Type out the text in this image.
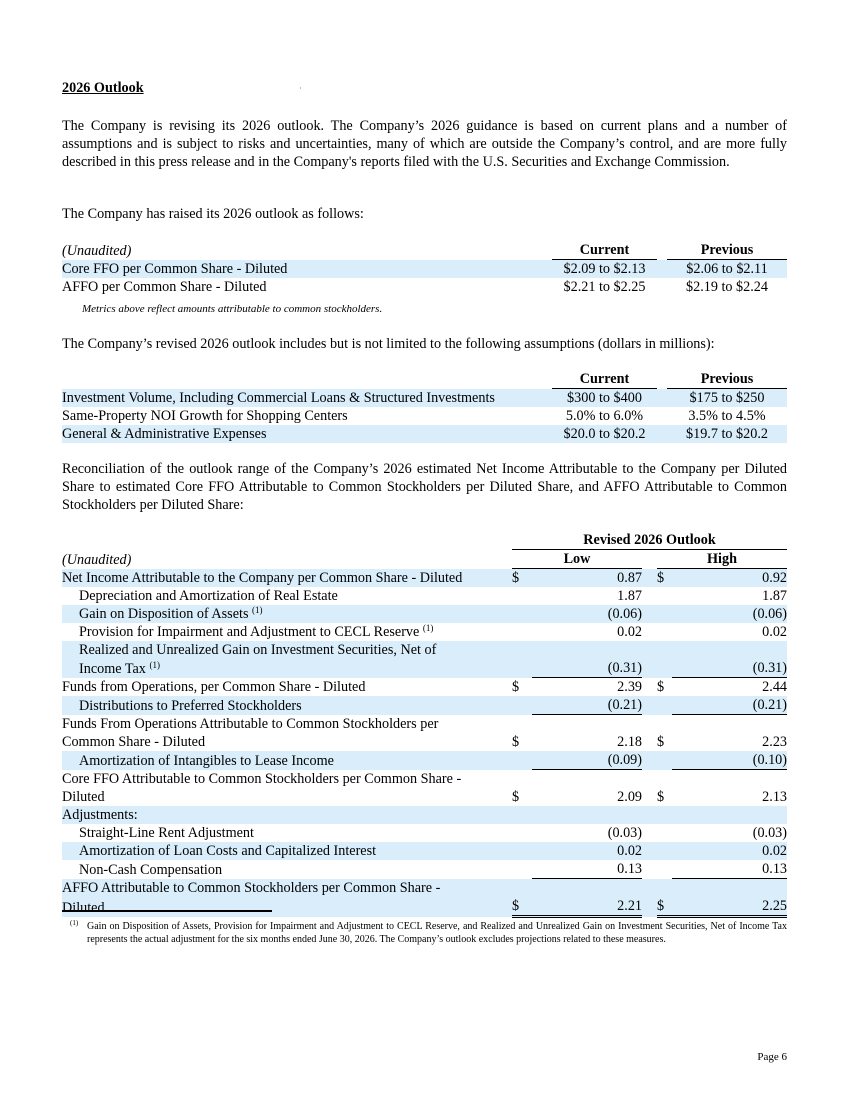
2026 Outlook	·

The Company is revising its 2026 outlook. The Company’s 2026 guidance is based on current plans and a number of assumptions and is subject to risks and uncertainties, many of which are outside the Company’s control, and are more fully described in this press release and in the Company's reports filed with the U.S. Securities and Exchange Commission.

The Company has raised its 2026 outlook as follows:

(Unaudited)	Current		Previous
Core FFO per Common Share - Diluted	$2.09 to $2.13		$2.06 to $2.11
AFFO per Common Share - Diluted	$2.21 to $2.25		$2.19 to $2.24
Metrics above reflect amounts attributable to common stockholders.

The Company’s revised 2026 outlook includes but is not limited to the following assumptions (dollars in millions):

	Current		Previous
Investment Volume, Including Commercial Loans & Structured Investments	$300 to $400		$175 to $250
Same-Property NOI Growth for Shopping Centers	5.0% to 6.0%		3.5% to 4.5%
General & Administrative Expenses	$20.0 to $20.2		$19.7 to $20.2

Reconciliation of the outlook range of the Company’s 2026 estimated Net Income Attributable to the Company per Diluted Share to estimated Core FFO Attributable to Common Stockholders per Diluted Share, and AFFO Attributable to Common Stockholders per Diluted Share:

	Revised 2026 Outlook				
(Unaudited)	Low			High	
Net Income Attributable to the Company per Common Share - Diluted	$	0.87		$	0.92
Depreciation and Amortization of Real Estate		1.87			1.87
Gain on Disposition of Assets $^{(1)}$		(0.06)			(0.06)
Provision for Impairment and Adjustment to CECL Reserve $^{(1)}$		0.02			0.02
Realized and Unrealized Gain on Investment Securities, Net of					
Income Tax $^{(1)}$		(0.31)			(0.31)
Funds from Operations, per Common Share - Diluted	$	2.39		$	2.44
Distributions to Preferred Stockholders		(0.21)			(0.21)
Funds From Operations Attributable to Common Stockholders per					
Common Share - Diluted	$	2.18		$	2.23
Amortization of Intangibles to Lease Income		(0.09)			(0.10)
Core FFO Attributable to Common Stockholders per Common Share -					
Diluted	$	2.09		$	2.13
Adjustments:					
Straight-Line Rent Adjustment		(0.03)			(0.03)
Amortization of Loan Costs and Capitalized Interest		0.02			0.02
Non-Cash Compensation		0.13			0.13
AFFO Attributable to Common Stockholders per Common Share -					
Diluted	$	2.21		$	2.25
(1) Gain on Disposition of Assets, Provision for Impairment and Adjustment to CECL Reserve, and Realized and Unrealized Gain on Investment Securities, Net of Income Tax represents the actual adjustment for the six months ended June 30, 2026. The Company’s outlook excludes projections related to these measures.
Page 6
